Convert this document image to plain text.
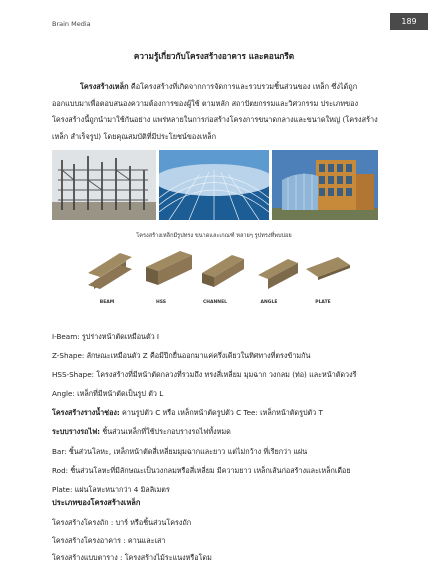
Brain Media	189
ความรู้เกี่ยวกับโครงสร้างอาคาร และคอนกรีต
โครงสร้างเหล็ก คือโครงสร้างที่เกิดจากการจัดการและรวบรวมชิ้นส่วนของ เหล็ก ซึ่งได้ถูก
ออกแบบมาเพื่อตอบสนองความต้องการของผู้ใช้ ตามหลัก สถาปัตยกรรมและวิศวกรรม ประเภทของ
โครงสร้างนี้ถูกนำมาใช้กันอย่าง แพร่หลายในการก่อสร้างโครงการขนาดกลางและขนาดใหญ่ (โครงสร้าง
เหล็ก สำเร็จรูป) โดยคุณสมบัติที่มีประโยชน์ของเหล็ก
โครงสร้างเหล็กมีรูปทรง ขนาดและเกณฑ์ หลายๆ รูปทรงที่พบบ่อย
BEAM	HSS	CHANNEL	ANGLE	PLATE
I-Beam: รูปร่างหน้าตัดเหมือนตัว I
Z-Shape: ลักษณะเหมือนตัว Z คือมีปีกยื่นออกมาแค่ครึ่งเดียวในทิศทางที่ตรงข้ามกัน
HSS-Shape: โครงสร้างที่มีหน้าตัดกลวงที่รวมถึง ทรงสี่เหลี่ยม มุมฉาก วงกลม (ท่อ) และหน้าตัดวงรี
Angle: เหล็กที่มีหน้าตัดเป็นรูป ตัว L
โครงสร้างรางน้ำช่อง: คานรูปตัว C หรือ เหล็กหน้าตัดรูปตัว C Tee: เหล็กหน้าตัดรูปตัว T
ระบบรางรถไฟ: ชิ้นส่วนเหล็กที่ใช้ประกอบรางรถไฟทั้งหมด
Bar: ชิ้นส่วนโลหะ, เหล็กหน้าตัดสี่เหลี่ยมมุมฉากและยาว แต่ไม่กว้าง ที่เรียกว่า แผ่น
Rod: ชิ้นส่วนโลหะที่มีลักษณะเป็นวงกลมหรือสี่เหลี่ยม มีความยาว เหล็กเส้นก่อสร้างและเหล็กเดือย
Plate: แผ่นโลหะหนากว่า 4 มิลลิเมตร
ประเภทของโครงสร้างเหล็ก
โครงสร้างโครงถัก : บาร์ หรือชิ้นส่วนโครงถัก
โครงสร้างโครงอาคาร : คานและเสา
โครงสร้างแบบตาราง : โครงสร้างไม้ระแนงหรือโดม
